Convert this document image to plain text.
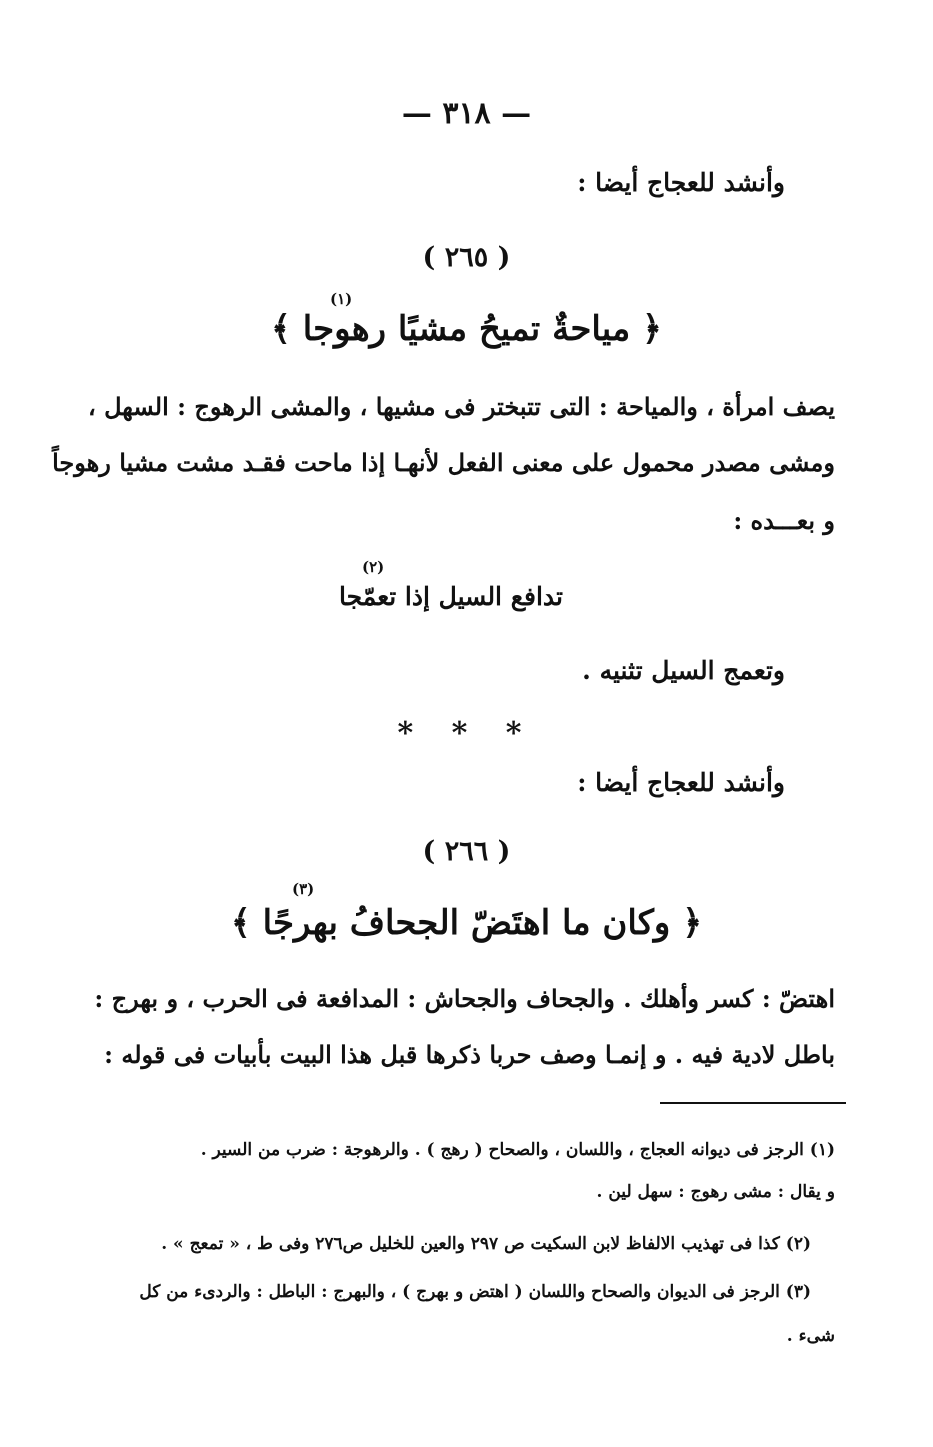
— ٣١٨ —
وأنشد للعجاج أيضا :
( ٢٦٥ )
(١)
﴿ مياحةٌ تميحُ مشيًا رهوجا ﴾
يصف امرأة ، والمياحة : التى تتبختر فى مشيها ، والمشى الرهوج : السهل ،
ومشى مصدر محمول على معنى الفعل لأنهـا إذا ماحت فقـد مشت مشيا رهوجاً
و بعـــده :
(٢)
تدافع السيل إذا تعمّجا
وتعمج السيل تثنيه .
* * *
وأنشد للعجاج أيضا :
( ٢٦٦ )
(٣)
﴿ وكان ما اهتَضّ الجحافُ بهرجًا ﴾
اهتضّ : كسر وأهلك . والجحاف والجحاش : المدافعة فى الحرب ، و بهرج :
باطل لادية فيه . و إنمـا وصف حربا ذكرها قبل هذا البيت بأبيات فى قوله :
(١) الرجز فى ديوانه العجاج ، واللسان ، والصحاح ( رهج ) . والرهوجة : ضرب من السير .
و يقال : مشى رهوج : سهل لين .
(٢) كذا فى تهذيب الالفاظ لابن السكيت ص ٢٩٧ والعين للخليل ص٢٧٦ وفى ط ، « تمعج » .
(٣) الرجز فى الديوان والصحاح واللسان ( اهتض و بهرج ) ، والبهرج : الباطل : والردىء من كل
شىء .
